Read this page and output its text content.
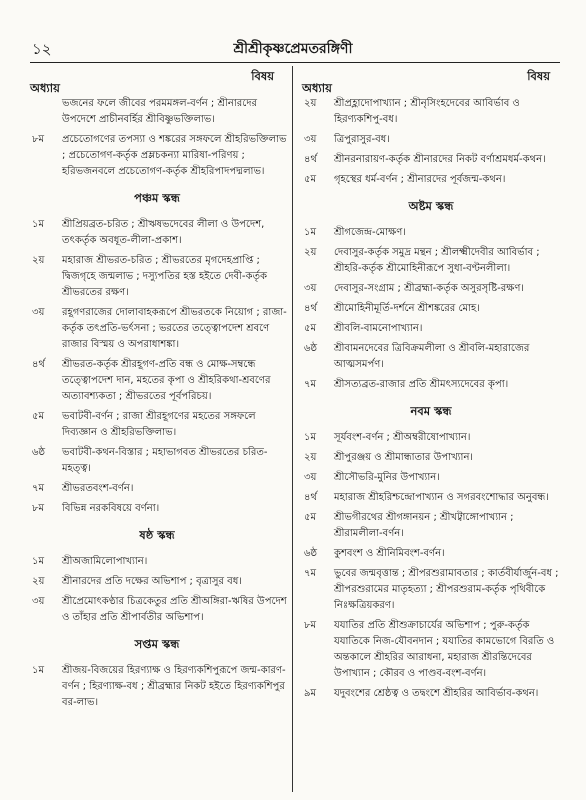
১২	শ্রীশ্রীকৃষ্ণপ্রেমতরঙ্গিণী
অধ্যায়
বিষয়
ভজনের ফলে জীবের পরমমঙ্গল-বর্ণন ; শ্রীনারদের উপদেশে প্রাচীনবর্হির শ্রীবিষ্ণুভক্তিলাভ।
৮ম প্রচেতোগণের তপস্যা ও শঙ্করের সঙ্গফলে শ্রীহরিভক্তিলাভ ; প্রচেতোগণ-কর্তৃক প্রম্লচকন্যা মারিষা-পরিণয় ; হরিভজনবলে প্রচেতোগণ-কর্তৃক শ্রীহরিপাদপদ্মলাভ।
পঞ্চম স্কন্ধ
১ম শ্রীপ্রিয়ব্রত-চরিত ; শ্রীঋষভদেবের লীলা ও উপদেশ, তৎকর্তৃক অবধূত-লীলা-প্রকাশ।
২য় মহারাজ শ্রীভরত-চরিত ; শ্রীভরতের মৃগদেহপ্রাপ্তি ; দ্বিজগৃহে জন্মলাভ ; দস্যুপতির হস্ত হইতে দেবী-কর্তৃক শ্রীভরতের রক্ষণ।
৩য় রহূগণরাজের দোলাবাহকরূপে শ্রীভরতকে নিয়োগ ; রাজা-কর্তৃক তৎপ্রতি-ভর্ৎসনা ; ভরতের তত্ত্বোপদেশ শ্রবণে রাজার বিস্ময় ও অপরাধাশঙ্কা।
৪র্থ শ্রীভরত-কর্তৃক শ্রীরহূগণ-প্রতি বন্ধ ও মোক্ষ-সম্বন্ধে তত্ত্বোপদেশ দান, মহতের কৃপা ও শ্রীহরিকথা-শ্রবণের অত্যাবশ্যকতা ; শ্রীভরতের পূর্বপরিচয়।
৫ম ভবাটবী-বর্ণন ; রাজা শ্রীরহূগণের মহতের সঙ্গফলে দিব্যজ্ঞান ও শ্রীহরিভক্তিলাভ।
৬ষ্ঠ ভবাটবী-কথন-বিস্তার ; মহাভাগবত শ্রীভরতের চরিত-মহত্ত্ব।
৭ম শ্রীভরতবংশ-বর্ণন।
৮ম বিভিন্ন নরকবিষয়ে বর্ণনা।
ষষ্ঠ স্কন্ধ
১ম শ্রীঅজামিলোপাখ্যান।
২য় শ্রীনারদের প্রতি দক্ষের অভিশাপ ; বৃত্রাসুর বধ।
৩য় শ্রীপ্রেমোৎকণ্ঠার চিত্রকেতুর প্রতি শ্রীঅঙ্গিরা-ঋষির উপদেশ ও তাঁহার প্রতি শ্রীপার্বতীর অভিশাপ।
সপ্তম স্কন্ধ
১ম শ্রীজয়-বিজয়ের হিরণ্যাক্ষ ও হিরণ্যকশিপুরূপে জন্ম-কারণ-বর্ণন ; হিরণ্যাক্ষ-বধ ; শ্রীব্রহ্মার নিকট হইতে হিরণ্যকশিপুর বর-লাভ।
অধ্যায়
বিষয়
২য় শ্রীপ্রহ্লাদোপাখ্যান ; শ্রীনৃসিংহদেবের আবির্ভাব ও হিরণ্যকশিপু-বধ।
৩য় ত্রিপুরাসুর-বধ।
৪র্থ শ্রীনরনারায়ণ-কর্তৃক শ্রীনারদের নিকট বর্ণাশ্রমধর্ম-কথন।
৫ম গৃহস্থের ধর্ম-বর্ণন ; শ্রীনারদের পূর্বজন্ম-কথন।
অষ্টম স্কন্ধ
১ম শ্রীগজেন্দ্র-মোক্ষণ।
২য় দেবাসুর-কর্তৃক সমুদ্র মন্থন ; শ্রীলক্ষ্মীদেবীর আবির্ভাব ; শ্রীহরি-কর্তৃক শ্রীমোহিনীরূপে সুধা-বণ্টনলীলা।
৩য় দেবাসুর-সংগ্রাম ; শ্রীব্রহ্মা-কর্তৃক অসুরসৃষ্টি-রক্ষণ।
৪র্থ শ্রীমোহিনীমূর্তি-দর্শনে শ্রীশঙ্করের মোহ।
৫ম শ্রীবলি-বামনোপাখ্যান।
৬ষ্ঠ শ্রীবামনদেবের ত্রিবিক্রমলীলা ও শ্রীবলি-মহারাজের আত্মসমর্পণ।
৭ম শ্রীসত্যব্রত-রাজার প্রতি শ্রীমৎস্যদেবের কৃপা।
নবম স্কন্ধ
১ম সূর্যবংশ-বর্ণন ; শ্রীঅম্বরীষোপাখ্যান।
২য় শ্রীপুরঞ্জয় ও শ্রীমান্ধাতার উপাখ্যান।
৩য় শ্রীসৌভরি-মুনির উপাখ্যান।
৪র্থ মহারাজ শ্রীহরিশ্চন্দ্রোপাখ্যান ও সগরবংশোদ্ধার অনুবন্ধ।
৫ম শ্রীভগীরথের শ্রীগঙ্গানয়ন ; শ্রীখট্বাঙ্গোপাখ্যান ; শ্রীরামলীলা-বর্ণন।
৬ষ্ঠ কুশবংশ ও শ্রীনিমিবংশ-বর্ণন।
৭ম ভুবের জন্মবৃত্তান্ত ; শ্রীপরশুরামাবতার ; কার্তবীর্যার্জুন-বধ ; শ্রীপরশুরামের মাতৃহত্যা ; শ্রীপরশুরাম-কর্তৃক পৃথিবীকে নিঃক্ষত্রিয়করণ।
৮ম যযাতির প্রতি শ্রীশুক্রাচার্যের অভিশাপ ; পুরু-কর্তৃক যযাতিকে নিজ-যৌবনদান ; যযাতির কামভোগে বিরতি ও অন্তকালে শ্রীহরির আরাধনা, মহারাজ শ্রীরন্তিদেবের উপাখ্যান ; কৌরব ও পাণ্ডব-বংশ-বর্ণন।
৯ম যদুবংশের শ্রেষ্ঠত্ব ও তদ্বংশে শ্রীহরির আবির্ভাব-কথন।
